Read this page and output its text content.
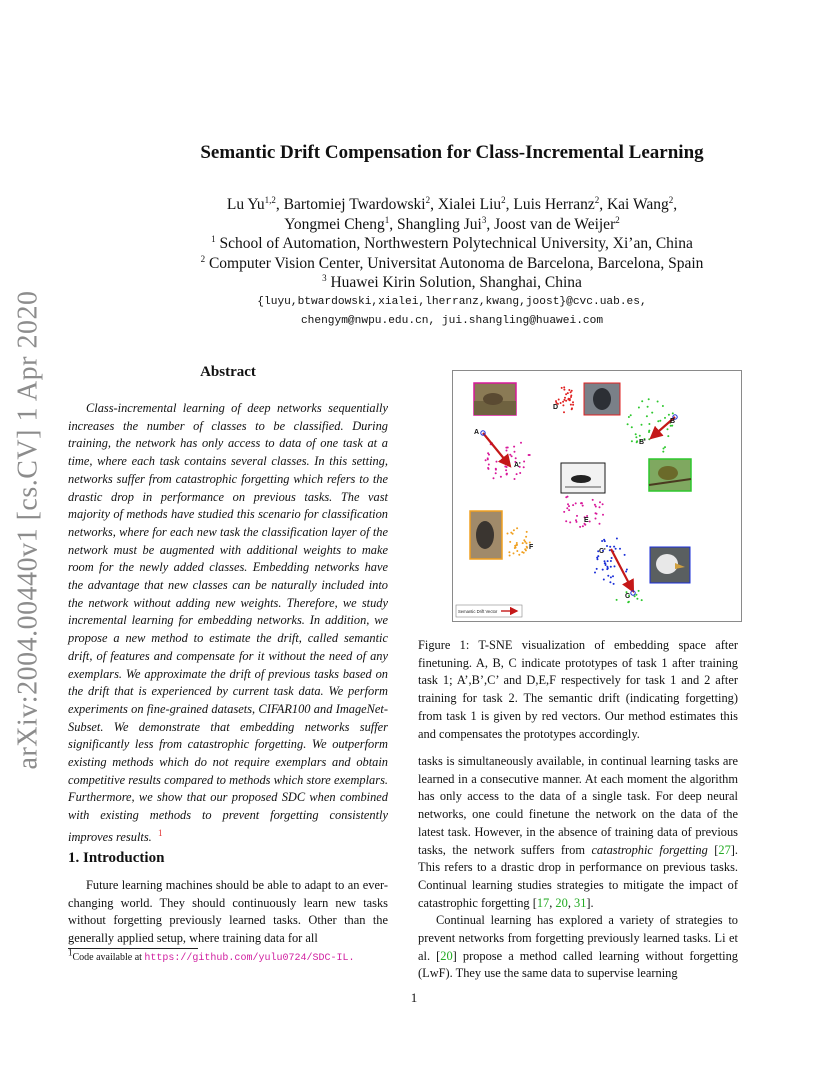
arXiv:2004.00440v1 [cs.CV] 1 Apr 2020
Semantic Drift Compensation for Class-Incremental Learning
Lu Yu$^{1,2}$, Bartomiej Twardowski$^2$, Xialei Liu$^2$, Luis Herranz$^2$, Kai Wang$^2$,
Yongmei Cheng$^1$, Shangling Jui$^3$, Joost van de Weijer$^2$
$^1$ School of Automation, Northwestern Polytechnical University, Xi’an, China
$^2$ Computer Vision Center, Universitat Autonoma de Barcelona, Barcelona, Spain
$^3$ Huawei Kirin Solution, Shanghai, China
{luyu,btwardowski,xialei,lherranz,kwang,joost}@cvc.uab.es,
chengym@nwpu.edu.cn, jui.shangling@huawei.com
Abstract

Class-incremental learning of deep networks sequentially increases the number of classes to be classified. During training, the network has only access to data of one task at a time, where each task contains several classes. In this setting, networks suffer from catastrophic forgetting which refers to the drastic drop in performance on previous tasks. The vast majority of methods have studied this scenario for classification networks, where for each new task the classification layer of the network must be augmented with additional weights to make room for the newly added classes. Embedding networks have the advantage that new classes can be naturally included into the network without adding new weights. Therefore, we study incremental learning for embedding networks. In addition, we propose a new method to estimate the drift, called semantic drift, of features and compensate for it without the need of any exemplars. We approximate the drift of previous tasks based on the drift that is experienced by current task data. We perform experiments on fine-grained datasets, CIFAR100 and ImageNet-Subset. We demonstrate that embedding networks suffer significantly less from catastrophic forgetting. We outperform existing methods which do not require exemplars and obtain competitive results compared to methods which store exemplars. Furthermore, we show that our proposed SDC when combined with existing methods to prevent forgetting consistently improves results. $^1$

1. Introduction

Future learning machines should be able to adapt to an ever-changing world. They should continuously learn new tasks without forgetting previously learned tasks. Other than the generally applied setup, where training data for all

$^1$Code available at https://github.com/yulu0724/SDC-IL.
A
A'
B
B'
C
C'
D
E
F
Semantic Drift Vector

Figure 1: T-SNE visualization of embedding space after finetuning. A, B, C indicate prototypes of task 1 after training task 1; A’,B’,C’ and D,E,F respectively for task 1 and 2 after training for task 2. The semantic drift (indicating forgetting) from task 1 is given by red vectors. Our method estimates this and compensates the prototypes accordingly.

tasks is simultaneously available, in continual learning tasks are learned in a consecutive manner. At each moment the algorithm has only access to the data of a single task. For deep neural networks, one could finetune the network on the data of the latest task. However, in the absence of training data of previous tasks, the network suffers from catastrophic forgetting [27]. This refers to a drastic drop in performance on previous tasks. Continual learning studies strategies to mitigate the impact of catastrophic forgetting [17, 20, 31].
Continual learning has explored a variety of strategies to prevent networks from forgetting previously learned tasks. Li et al. [20] propose a method called learning without forgetting (LwF). They use the same data to supervise learning

1
